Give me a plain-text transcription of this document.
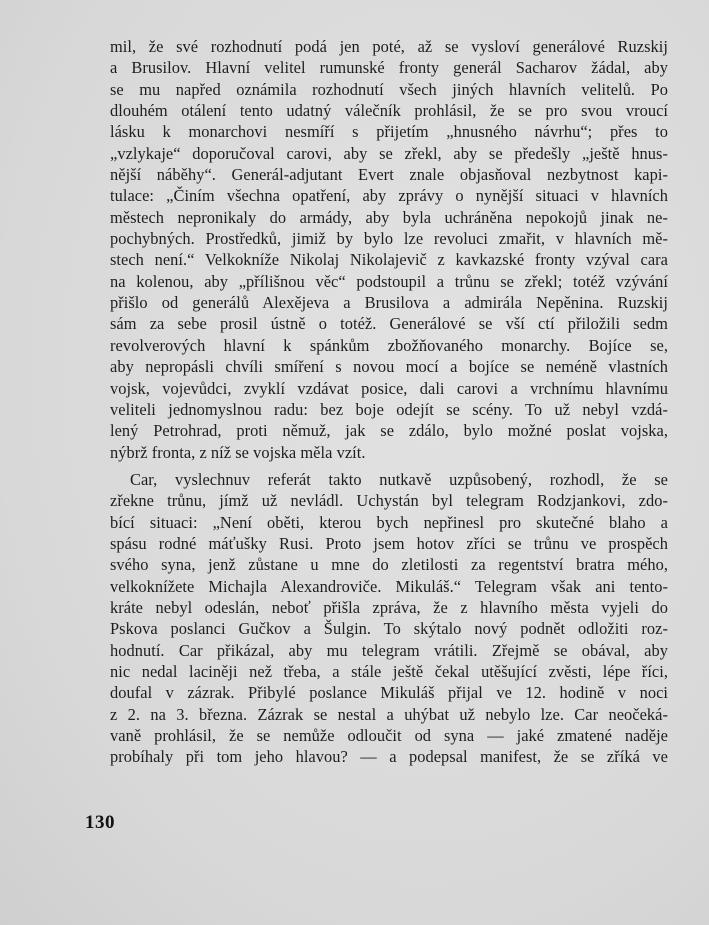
mil, že své rozhodnutí podá jen poté, až se vysloví generálové Ruzskij
a Brusilov. Hlavní velitel rumunské fronty generál Sacharov žádal, aby
se mu napřed oznámila rozhodnutí všech jiných hlavních velitelů. Po
dlouhém otálení tento udatný válečník prohlásil, že se pro svou vroucí
lásku k monarchovi nesmíří s přijetím „hnusného návrhu“; přes to
„vzlykaje“ doporučoval carovi, aby se zřekl, aby se předešly „ještě hnus-
nější náběhy“. Generál-adjutant Evert znale objasňoval nezbytnost kapi-
tulace: „Činím všechna opatření, aby zprávy o nynější situaci v hlavních
městech nepronikaly do armády, aby byla uchráněna nepokojů jinak ne-
pochybných. Prostředků, jimiž by bylo lze revoluci zmařit, v hlavních mě-
stech není.“ Velkokníže Nikolaj Nikolajevič z kavkazské fronty vzýval cara
na kolenou, aby „přílišnou věc“ podstoupil a trůnu se zřekl; totéž vzývání
přišlo od generálů Alexějeva a Brusilova a admirála Nepěnina. Ruzskij
sám za sebe prosil ústně o totéž. Generálové se vší ctí přiložili sedm
revolverových hlavní k spánkům zbožňovaného monarchy. Bojíce se,
aby nepropásli chvíli smíření s novou mocí a bojíce se neméně vlastních
vojsk, vojevůdci, zvyklí vzdávat posice, dali carovi a vrchnímu hlavnímu
veliteli jednomyslnou radu: bez boje odejít se scény. To už nebyl vzdá-
lený Petrohrad, proti němuž, jak se zdálo, bylo možné poslat vojska,
nýbrž fronta, z níž se vojska měla vzít.
Car, vyslechnuv referát takto nutkavě uzpůsobený, rozhodl, že se
zřekne trůnu, jímž už nevládl. Uchystán byl telegram Rodzjankovi, zdo-
bící situaci: „Není oběti, kterou bych nepřinesl pro skutečné blaho a
spásu rodné máťušky Rusi. Proto jsem hotov zříci se trůnu ve prospěch
svého syna, jenž zůstane u mne do zletilosti za regentství bratra mého,
velkoknížete Michajla Alexandroviče. Mikuláš.“ Telegram však ani tento-
kráte nebyl odeslán, neboť přišla zpráva, že z hlavního města vyjeli do
Pskova poslanci Gučkov a Šulgin. To skýtalo nový podnět odložiti roz-
hodnutí. Car přikázal, aby mu telegram vrátili. Zřejmě se obával, aby
nic nedal laciněji než třeba, a stále ještě čekal utěšující zvěsti, lépe říci,
doufal v zázrak. Přibylé poslance Mikuláš přijal ve 12. hodině v noci
z 2. na 3. března. Zázrak se nestal a uhýbat už nebylo lze. Car neočeká-
vaně prohlásil, že se nemůže odloučit od syna — jaké zmatené naděje
probíhaly při tom jeho hlavou? — a podepsal manifest, že se zříká ve
130
